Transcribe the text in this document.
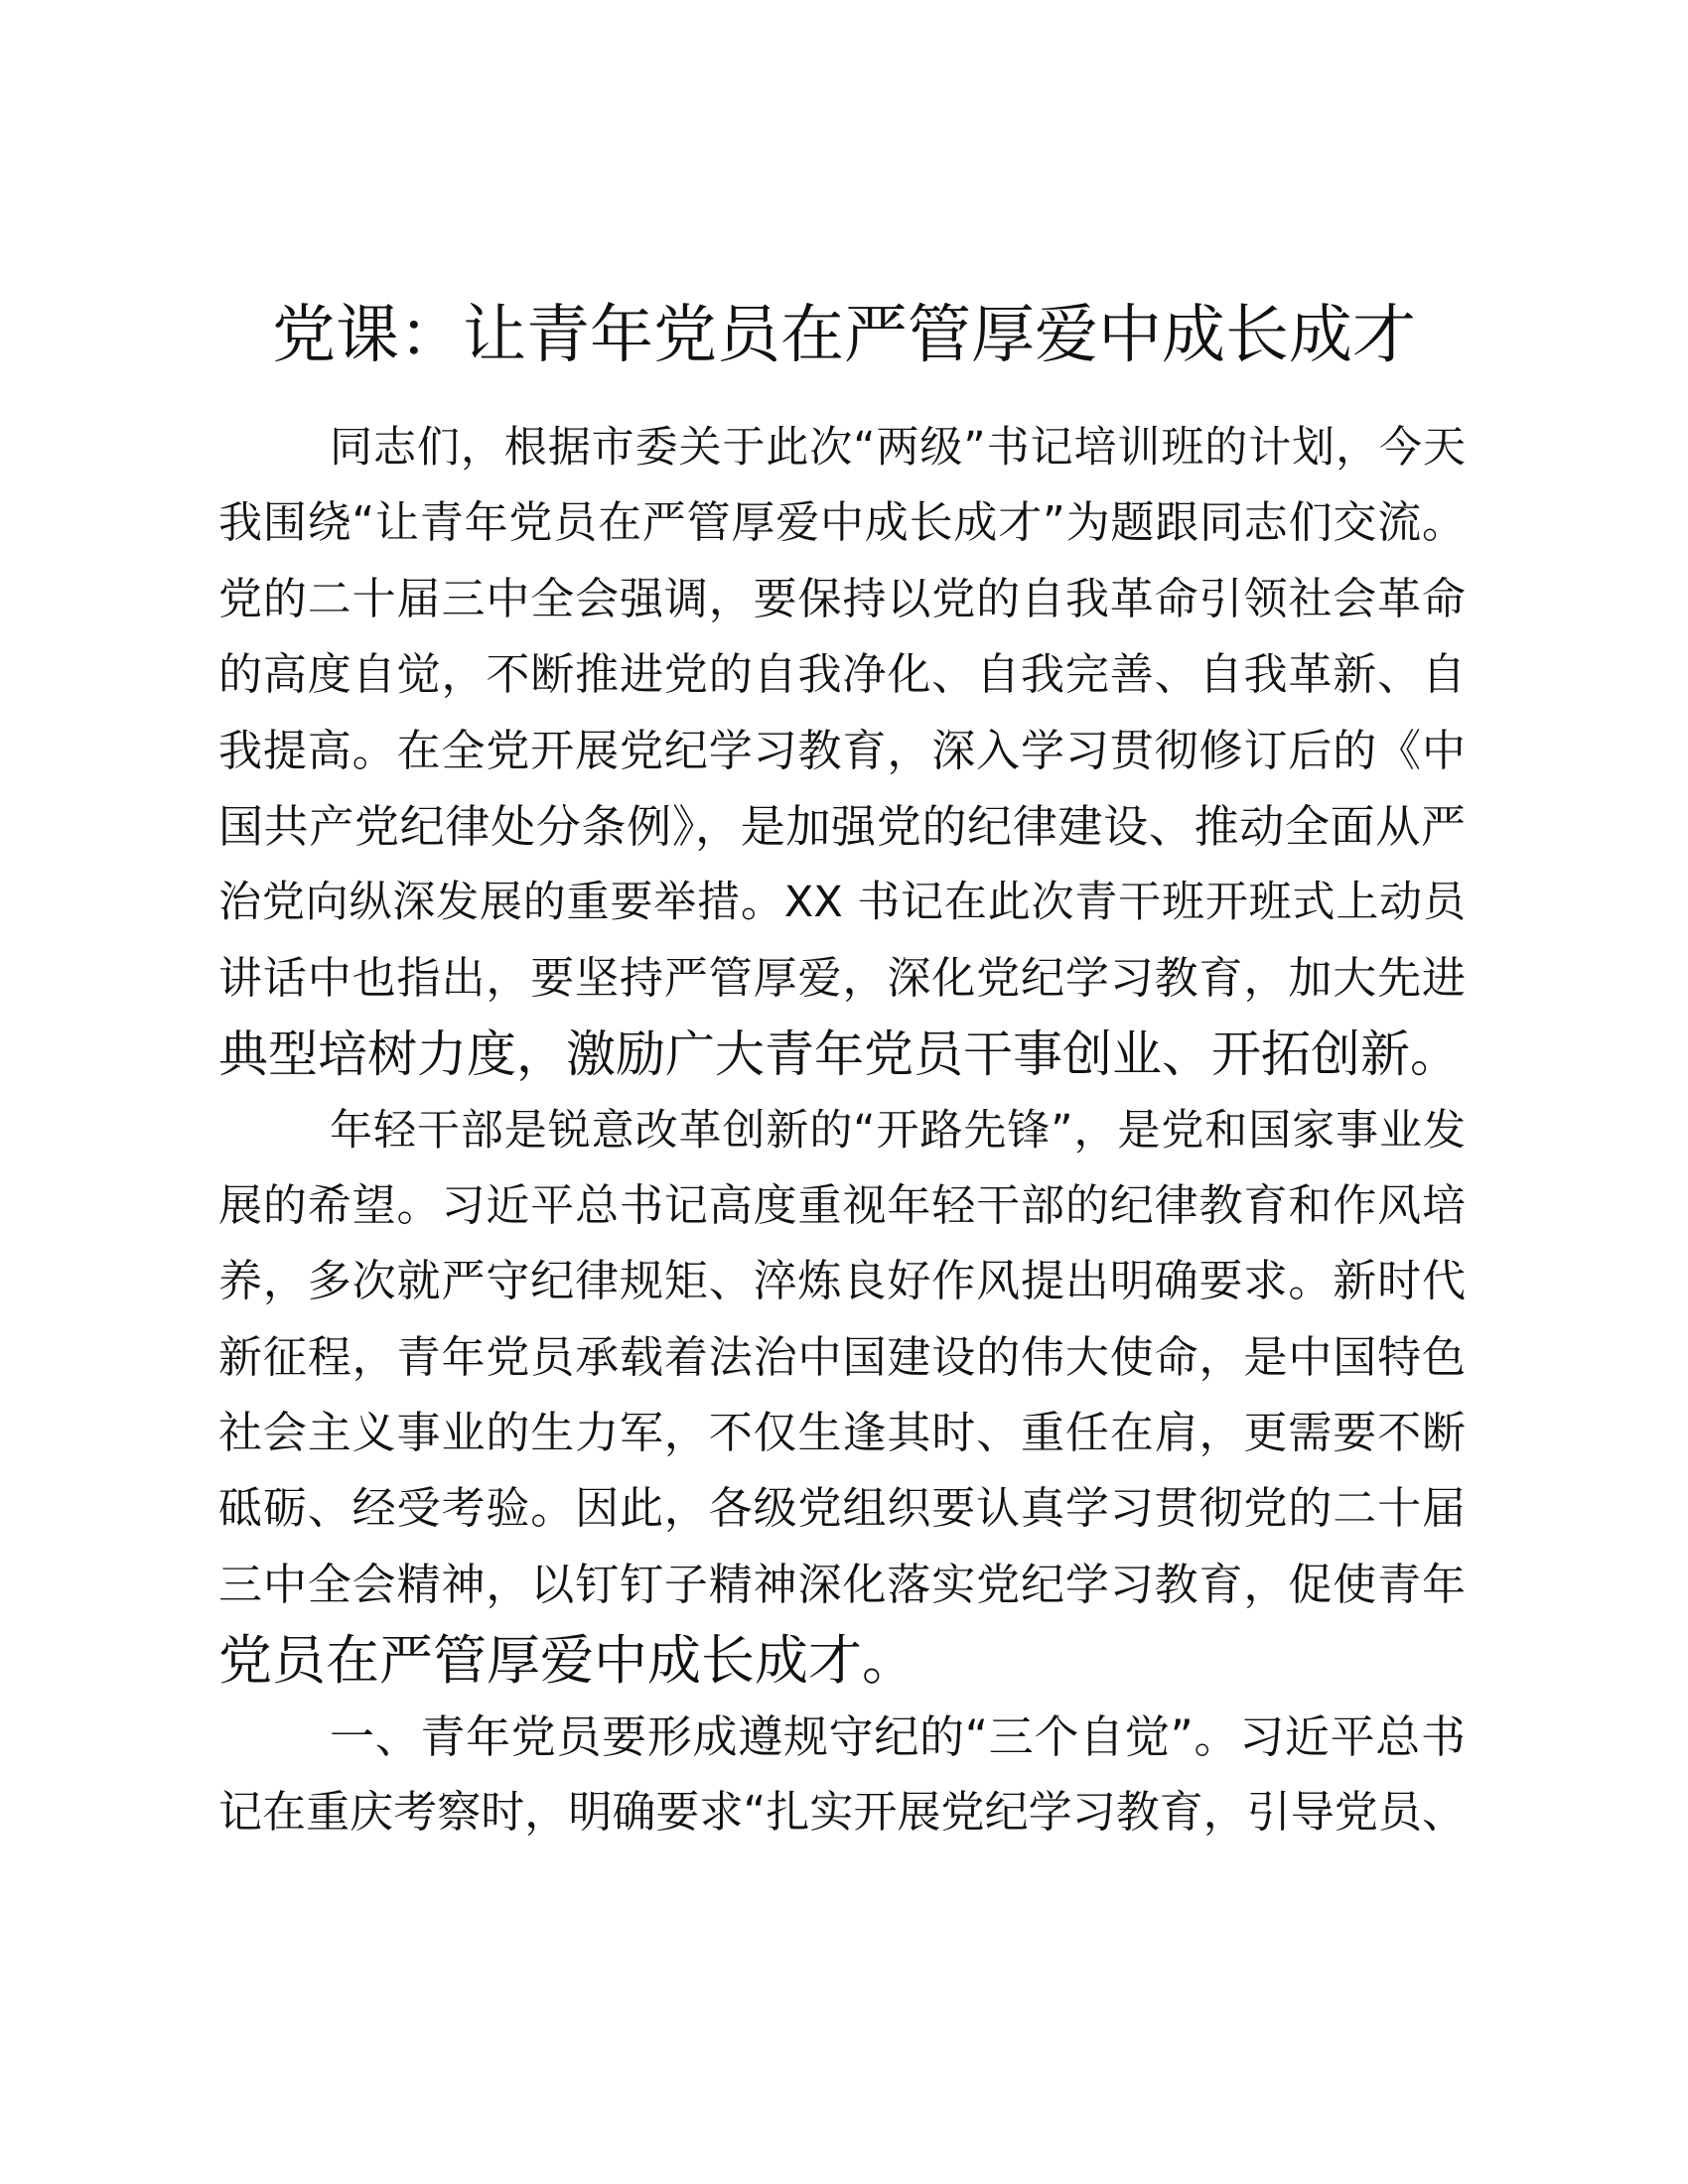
党课：让青年党员在严管厚爱中成长成才
同志们，根据市委关于此次“两级”书记培训班的计划，今天
我围绕“让青年党员在严管厚爱中成长成才”为题跟同志们交流。
党的二十届三中全会强调，要保持以党的自我革命引领社会革命
的高度自觉，不断推进党的自我净化、自我完善、自我革新、自
我提高。在全党开展党纪学习教育，深入学习贯彻修订后的《中
国共产党纪律处分条例》，是加强党的纪律建设、推动全面从严
治党向纵深发展的重要举措。XX 书记在此次青干班开班式上动员
讲话中也指出，要坚持严管厚爱，深化党纪学习教育，加大先进
典型培树力度，激励广大青年党员干事创业、开拓创新。
年轻干部是锐意改革创新的“开路先锋”，是党和国家事业发
展的希望。习近平总书记高度重视年轻干部的纪律教育和作风培
养，多次就严守纪律规矩、淬炼良好作风提出明确要求。新时代
新征程，青年党员承载着法治中国建设的伟大使命，是中国特色
社会主义事业的生力军，不仅生逢其时、重任在肩，更需要不断
砥砺、经受考验。因此，各级党组织要认真学习贯彻党的二十届
三中全会精神，以钉钉子精神深化落实党纪学习教育，促使青年
党员在严管厚爱中成长成才。
一、青年党员要形成遵规守纪的“三个自觉”。习近平总书
记在重庆考察时，明确要求“扎实开展党纪学习教育，引导党员、
